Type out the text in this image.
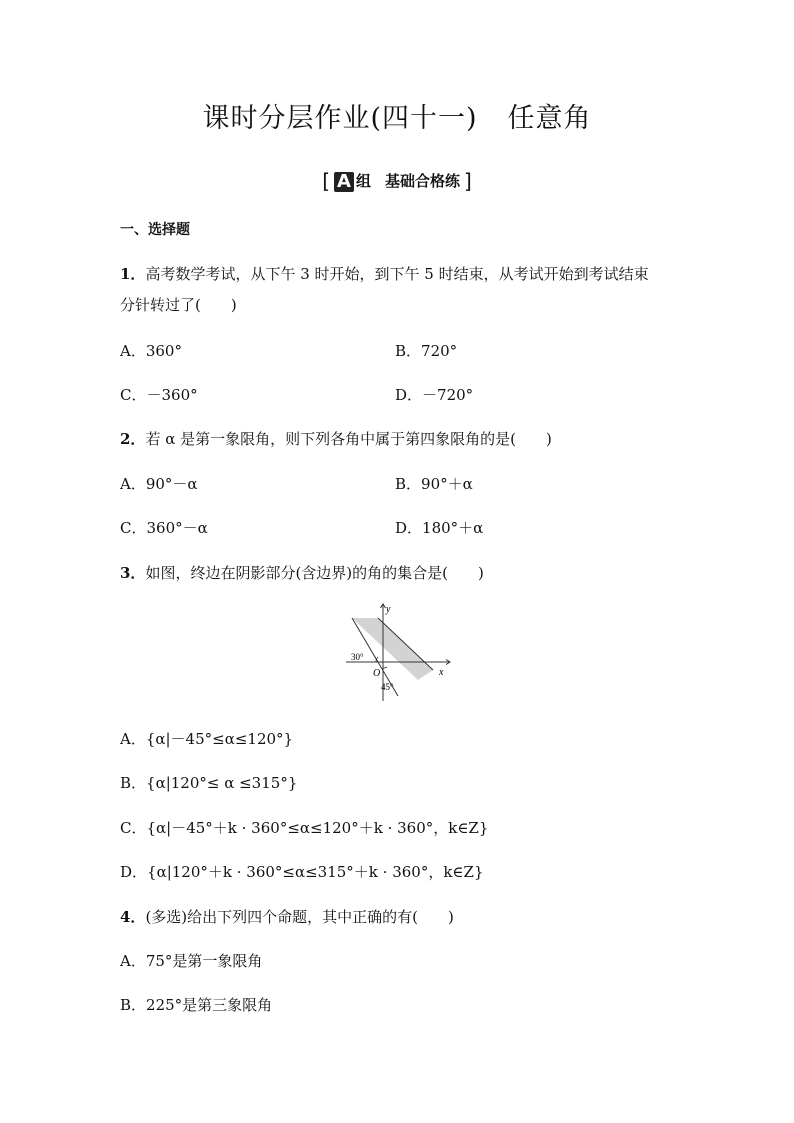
课时分层作业(四十一) 任意角
[ A 组 基础合格练 ]
一、选择题
1．高考数学考试，从下午 3 时开始，到下午 5 时结束，从考试开始到考试结束
分针转过了(　　)
A．360°	B．720°
C．－360°	D．－720°
2．若 α 是第一象限角，则下列各角中属于第四象限角的是(　　)
A．90°－α	B．90°＋α
C．360°－α	D．180°＋α
3．如图，终边在阴影部分(含边界)的角的集合是(　　)
x
y
O
30°
45°
A．{α|－45°≤α≤120°}
B．{α|120°≤ α ≤315°}
C．{α|－45°＋k · 360°≤α≤120°＋k · 360°，k∈Z}
D．{α|120°＋k · 360°≤α≤315°＋k · 360°，k∈Z}
4．(多选)给出下列四个命题，其中正确的有(　　)
A．75°是第一象限角
B．225°是第三象限角
